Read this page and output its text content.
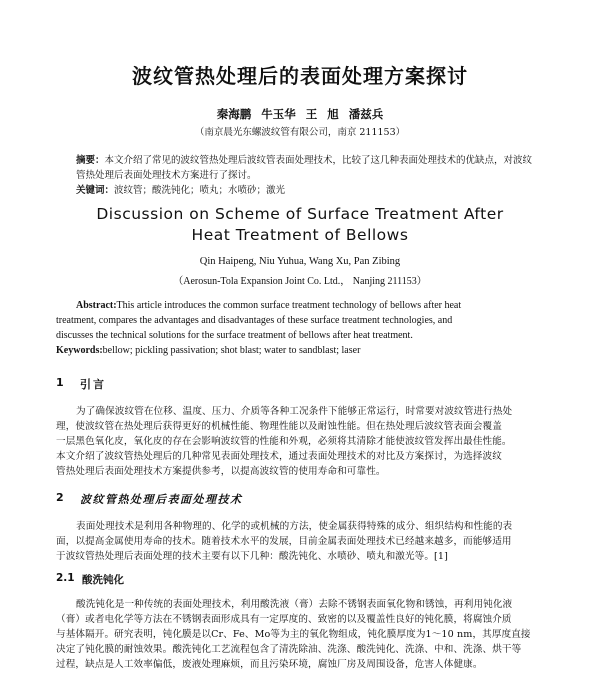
波纹管热处理后的表面处理方案探讨
秦海鹏 牛玉华 王 旭 潘兹兵
（南京晨光东螺波纹管有限公司，南京 211153）
摘要：本文介绍了常见的波纹管热处理后波纹管表面处理技术，比较了这几种表面处理技术的优缺点，对波纹
管热处理后表面处理技术方案进行了探讨。
关键词：波纹管；酸洗钝化；喷丸；水喷砂；激光
Discussion on Scheme of Surface Treatment After
Heat Treatment of Bellows
Qin Haipeng, Niu Yuhua, Wang Xu, Pan Zibing
（Aerosun-Tola Expansion Joint Co. Ltd.， Nanjing 211153）
Abstract:This article introduces the common surface treatment technology of bellows after heat
treatment, compares the advantages and disadvantages of these surface treatment technologies, and
discusses the technical solutions for the surface treatment of bellows after heat treatment.
Keywords:bellow; pickling passivation; shot blast; water to sandblast; laser
1 引言
为了确保波纹管在位移、温度、压力、介质等各种工况条件下能够正常运行，时常要对波纹管进行热处
理，使波纹管在热处理后获得更好的机械性能、物理性能以及耐蚀性能。但在热处理后波纹管表面会覆盖
一层黑色氧化皮，氧化皮的存在会影响波纹管的性能和外观，必须将其清除才能使波纹管发挥出最佳性能。
本文介绍了波纹管热处理后的几种常见表面处理技术，通过表面处理技术的对比及方案探讨，为选择波纹
管热处理后表面处理技术方案提供参考，以提高波纹管的使用寿命和可靠性。
2 波纹管热处理后表面处理技术
表面处理技术是利用各种物理的、化学的或机械的方法，使金属获得特殊的成分、组织结构和性能的表
面，以提高金属使用寿命的技术。随着技术水平的发展，目前金属表面处理技术已经越来越多，而能够适用
于波纹管热处理后表面处理的技术主要有以下几种：酸洗钝化、水喷砂、喷丸和激光等。[1]
2.1 酸洗钝化
酸洗钝化是一种传统的表面处理技术，利用酸洗液（膏）去除不锈钢表面氧化物和锈蚀，再利用钝化液
（膏）或者电化学等方法在不锈钢表面形成具有一定厚度的、致密的以及覆盖性良好的钝化膜，将腐蚀介质
与基体隔开。研究表明，钝化膜是以Cr、Fe、Mo等为主的氧化物组成，钝化膜厚度为1～10 nm，其厚度直接
决定了钝化膜的耐蚀效果。酸洗钝化工艺流程包含了清洗除油、洗涤、酸洗钝化、洗涤、中和、洗涤、烘干等
过程，缺点是人工效率偏低，废液处理麻烦，而且污染环境，腐蚀厂房及周围设备，危害人体健康。
